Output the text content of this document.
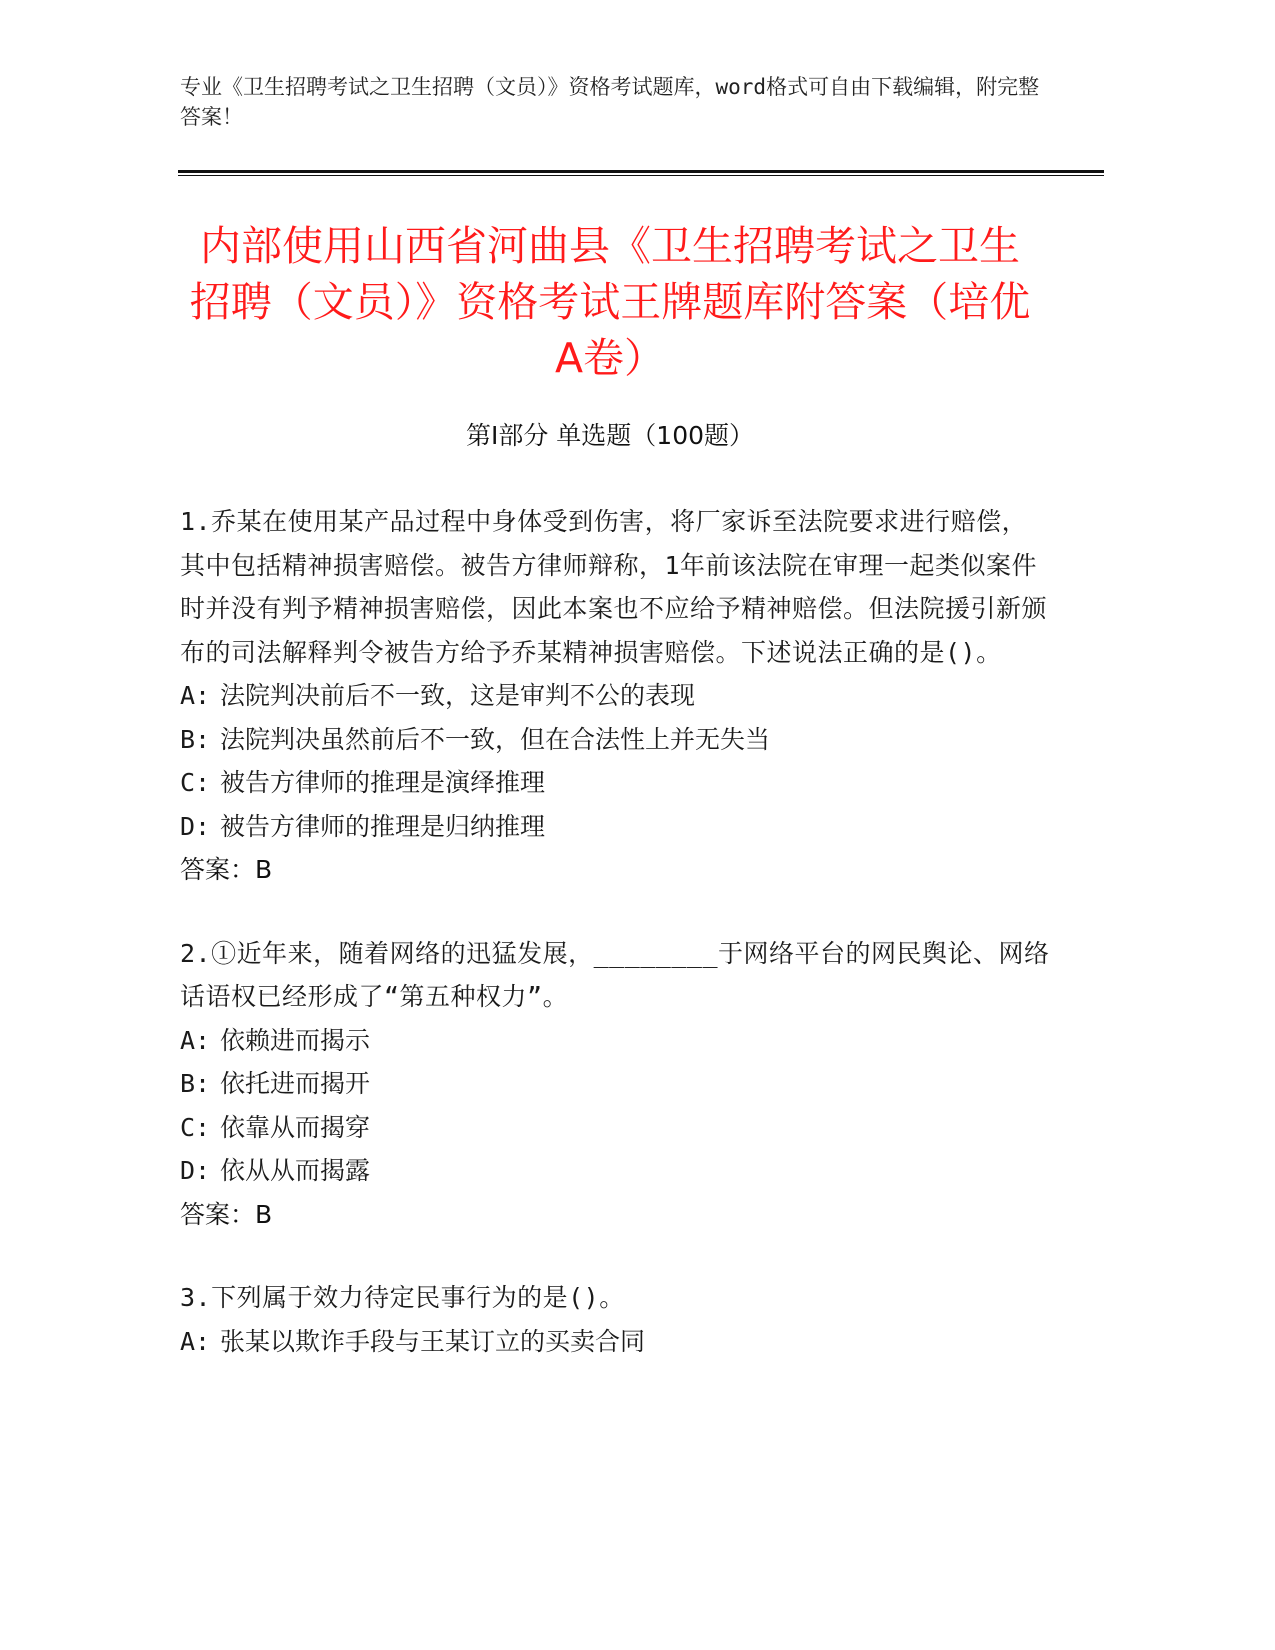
专业《卫生招聘考试之卫生招聘（文员）》资格考试题库，word格式可自由下载编辑，附完整答案！
内部使用山西省河曲县《卫生招聘考试之卫生招聘（文员）》资格考试王牌题库附答案（培优A卷）
第Ⅰ部分 单选题（100题）
1.乔某在使用某产品过程中身体受到伤害，将厂家诉至法院要求进行赔偿，其中包括精神损害赔偿。被告方律师辩称，1年前该法院在审理一起类似案件时并没有判予精神损害赔偿，因此本案也不应给予精神赔偿。但法院援引新颁布的司法解释判令被告方给予乔某精神损害赔偿。下述说法正确的是()。
A: 法院判决前后不一致，这是审判不公的表现
B: 法院判决虽然前后不一致，但在合法性上并无失当
C: 被告方律师的推理是演绎推理
D: 被告方律师的推理是归纳推理
答案：B
2.①近年来，随着网络的迅猛发展，________于网络平台的网民舆论、网络话语权已经形成了“第五种权力”。
A: 依赖进而揭示
B: 依托进而揭开
C: 依靠从而揭穿
D: 依从从而揭露
答案：B
3.下列属于效力待定民事行为的是()。
A: 张某以欺诈手段与王某订立的买卖合同
